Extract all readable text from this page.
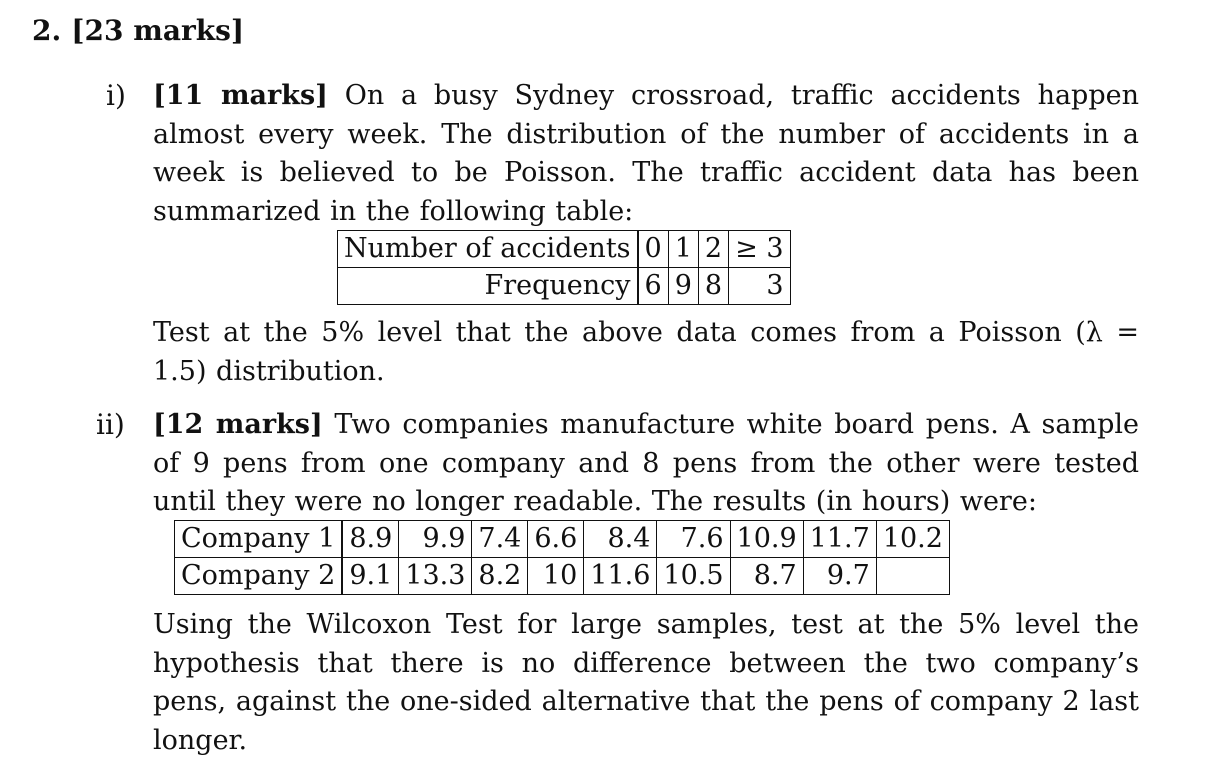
2. [23 marks]
i) [11 marks] On a busy Sydney crossroad, traffic accidents happen almost every week. The distribution of the number of accidents in a week is believed to be Poisson. The traffic accident data has been summarized in the following table:
Number of accidents	0	1	2	≥ 3
Frequency	6	9	8	3
Test at the 5% level that the above data comes from a Poisson (λ = 1.5) distribution.
ii) [12 marks] Two companies manufacture white board pens. A sample of 9 pens from one company and 8 pens from the other were tested until they were no longer readable. The results (in hours) were:
Company 1	8.9	9.9	7.4	6.6	8.4	7.6	10.9	11.7	10.2
Company 2	9.1	13.3	8.2	10	11.6	10.5	8.7	9.7	
Using the Wilcoxon Test for large samples, test at the 5% level the hypothesis that there is no difference between the two company’s pens, against the one-sided alternative that the pens of company 2 last longer.
